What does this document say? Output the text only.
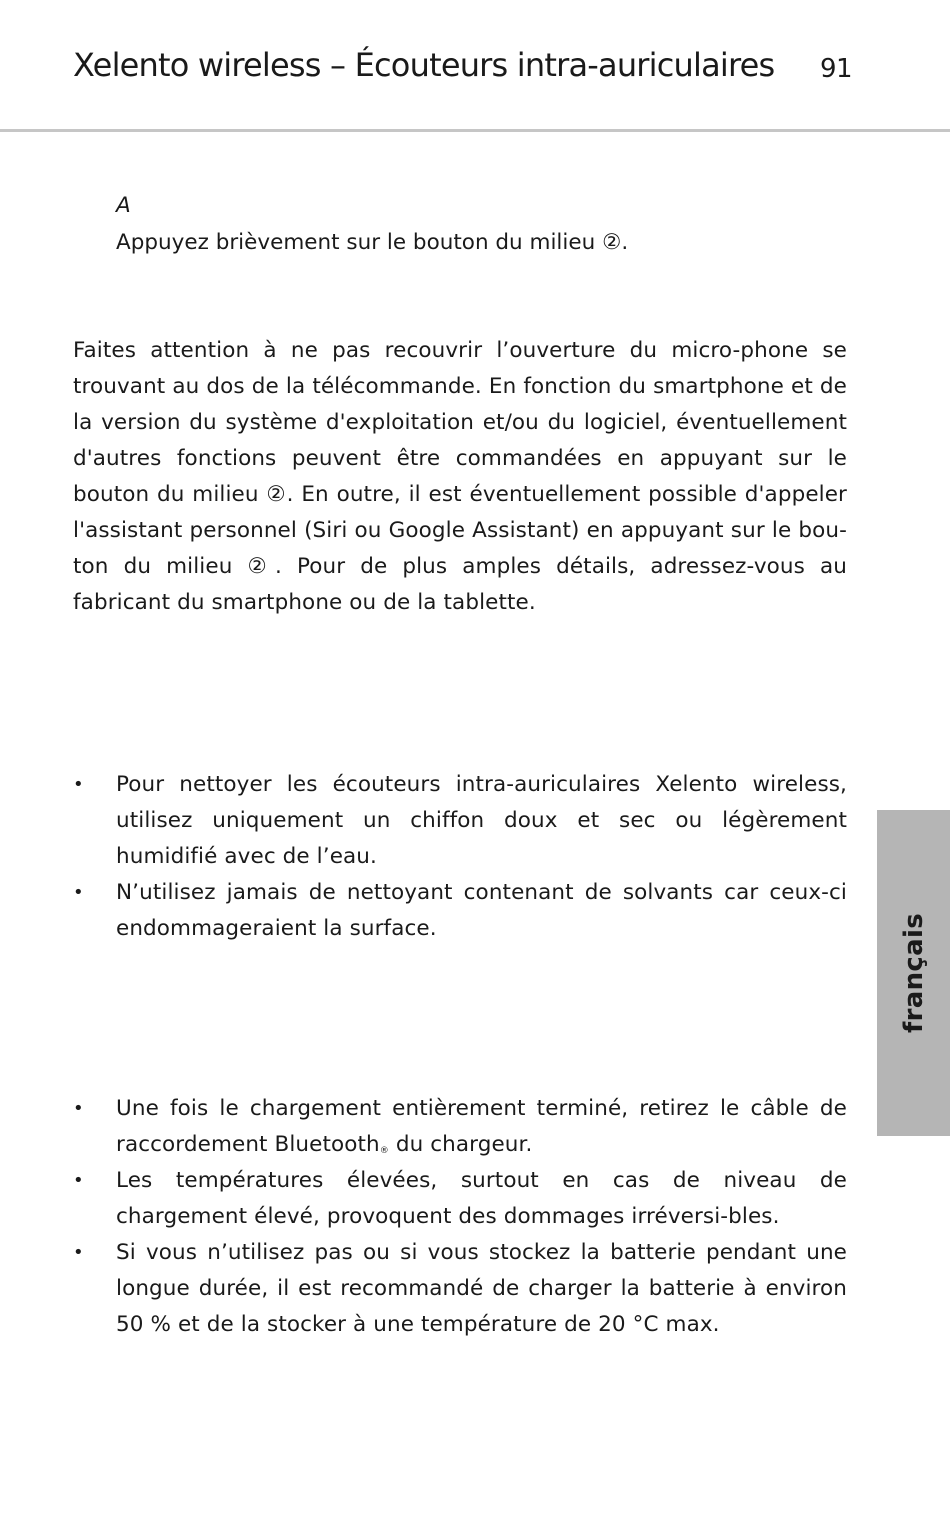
Xelento wireless – Écouteurs intra-auriculaires 91
A
Appuyez brièvement sur le bouton du milieu ②.

Faites attention à ne pas recouvrir l’ouverture du micro-phone se trouvant au dos de la télécommande. En fonction du smartphone et de la version du système d'exploitation et/ou du logiciel, éventuellement d'autres fonctions peuvent être commandées en appuyant sur le bouton du milieu ②. En outre, il est éventuellement possible d'appeler l'assistant personnel (Siri ou Google Assistant) en appuyant sur le bou-ton du milieu ②. Pour de plus amples détails, adressez-vous au fabricant du smartphone ou de la tablette.

• Pour nettoyer les écouteurs intra-auriculaires Xelento wireless, utilisez uniquement un chiffon doux et sec ou légèrement humidifié avec de l’eau.

• N’utilisez jamais de nettoyant contenant de solvants car ceux-ci endommageraient la surface.

• Une fois le chargement entièrement terminé, retirez le câble de raccordement Bluetooth® du chargeur.

• Les températures élevées, surtout en cas de niveau de chargement élevé, provoquent des dommages irréversi-bles.

• Si vous n’utilisez pas ou si vous stockez la batterie pendant une longue durée, il est recommandé de charger la batterie à environ 50 % et de la stocker à une température de 20 °C max.

français
